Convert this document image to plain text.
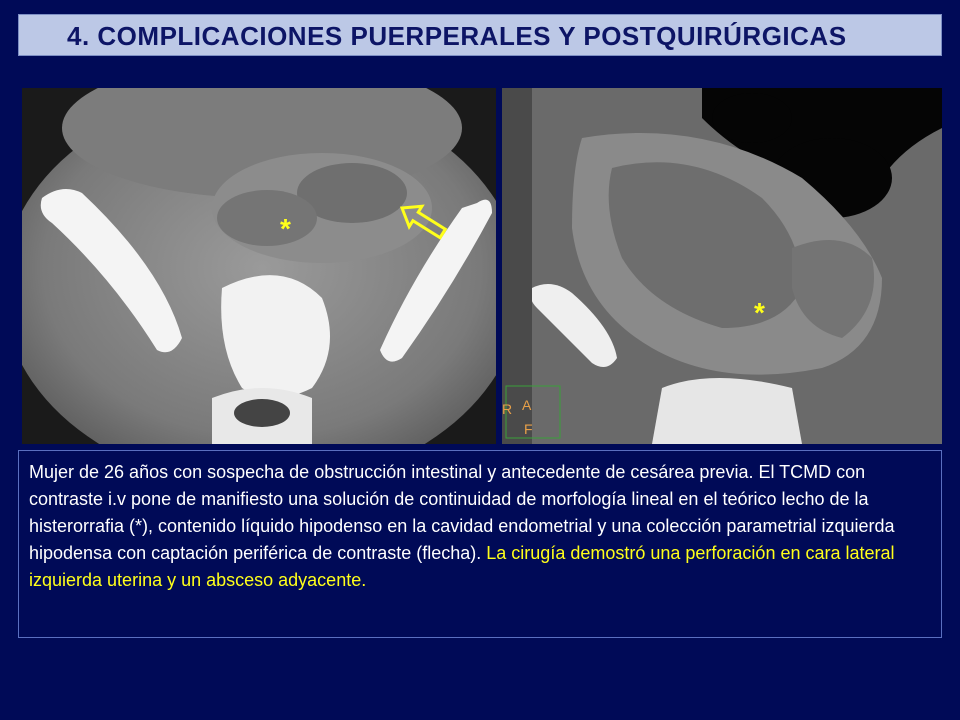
4. COMPLICACIONES PUERPERALES Y POSTQUIRÚRGICAS
*
A
F
R
*

Mujer de 26 años con sospecha de obstrucción intestinal y antecedente de cesárea previa. El TCMD con contraste i.v pone de manifiesto una solución de continuidad de morfología lineal en el teórico lecho de la histerorrafia (*), contenido líquido hipodenso en la cavidad endometrial y una colección parametrial izquierda hipodensa con captación periférica de contraste (flecha). La cirugía demostró una perforación en cara lateral izquierda uterina y un absceso adyacente.
